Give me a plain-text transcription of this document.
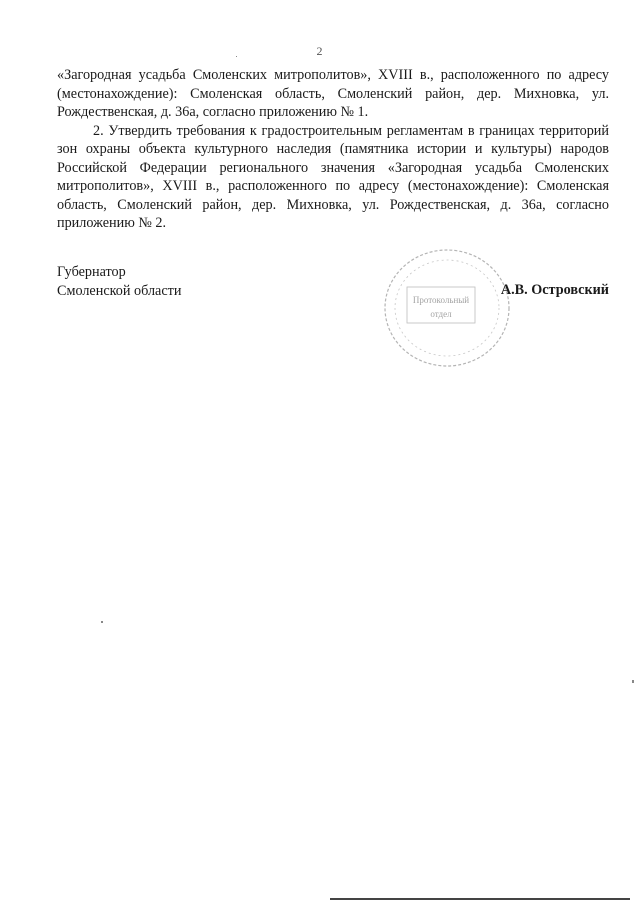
2

«Загородная усадьба Смоленских митрополитов», XVIII в., расположенного по адресу (местонахождение): Смоленская область, Смоленский район, дер. Михновка, ул. Рождественская, д. 36а, согласно приложению № 1.

2. Утвердить требования к градостроительным регламентам в границах территорий зон охраны объекта культурного наследия (памятника истории и культуры) народов Российской Федерации регионального значения «Загородная усадьба Смоленских митрополитов», XVIII в., расположенного по адресу (местонахождение): Смоленская область, Смоленский район, дер. Михновка, ул. Рождественская, д. 36а, согласно приложению № 2.

Губернатор
Смоленской области
Протокольный
отдел
А.В. Островский
